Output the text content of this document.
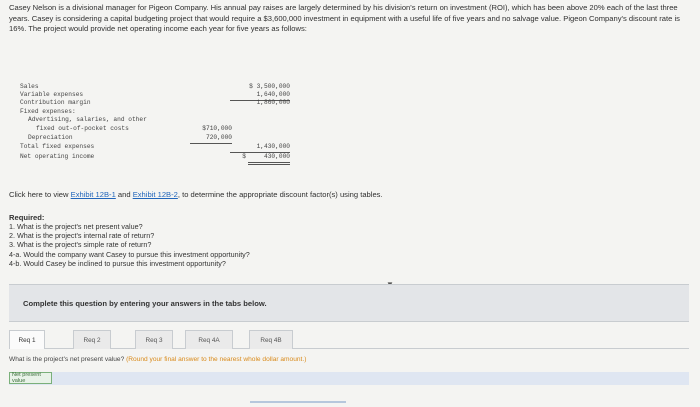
Casey Nelson is a divisional manager for Pigeon Company. His annual pay raises are largely determined by his division's return on investment (ROI), which has been above 20% each of the last three years. Casey is considering a capital budgeting project that would require a $3,600,000 investment in equipment with a useful life of five years and no salvage value. Pigeon Company's discount rate is 16%. The project would provide net operating income each year for five years as follows:
Sales	$ 3,500,000
Variable expenses	1,640,000
Contribution margin	1,860,000
Fixed expenses:
Advertising, salaries, and other
fixed out-of-pocket costs	$710,000
Depreciation	720,000
Total fixed expenses	1,430,000
Net operating income	$	430,000
Click here to view Exhibit 12B-1 and Exhibit 12B-2, to determine the appropriate discount factor(s) using tables.
Required:
1. What is the project's net present value?
2. What is the project's internal rate of return?
3. What is the project's simple rate of return?
4-a. Would the company want Casey to pursue this investment opportunity?
4-b. Would Casey be inclined to pursue this investment opportunity?
Complete this question by entering your answers in the tabs below.
Req 1	Req 2	Req 3	Req 4A	Req 4B
What is the project's net present value? (Round your final answer to the nearest whole dollar amount.)
Net present value
